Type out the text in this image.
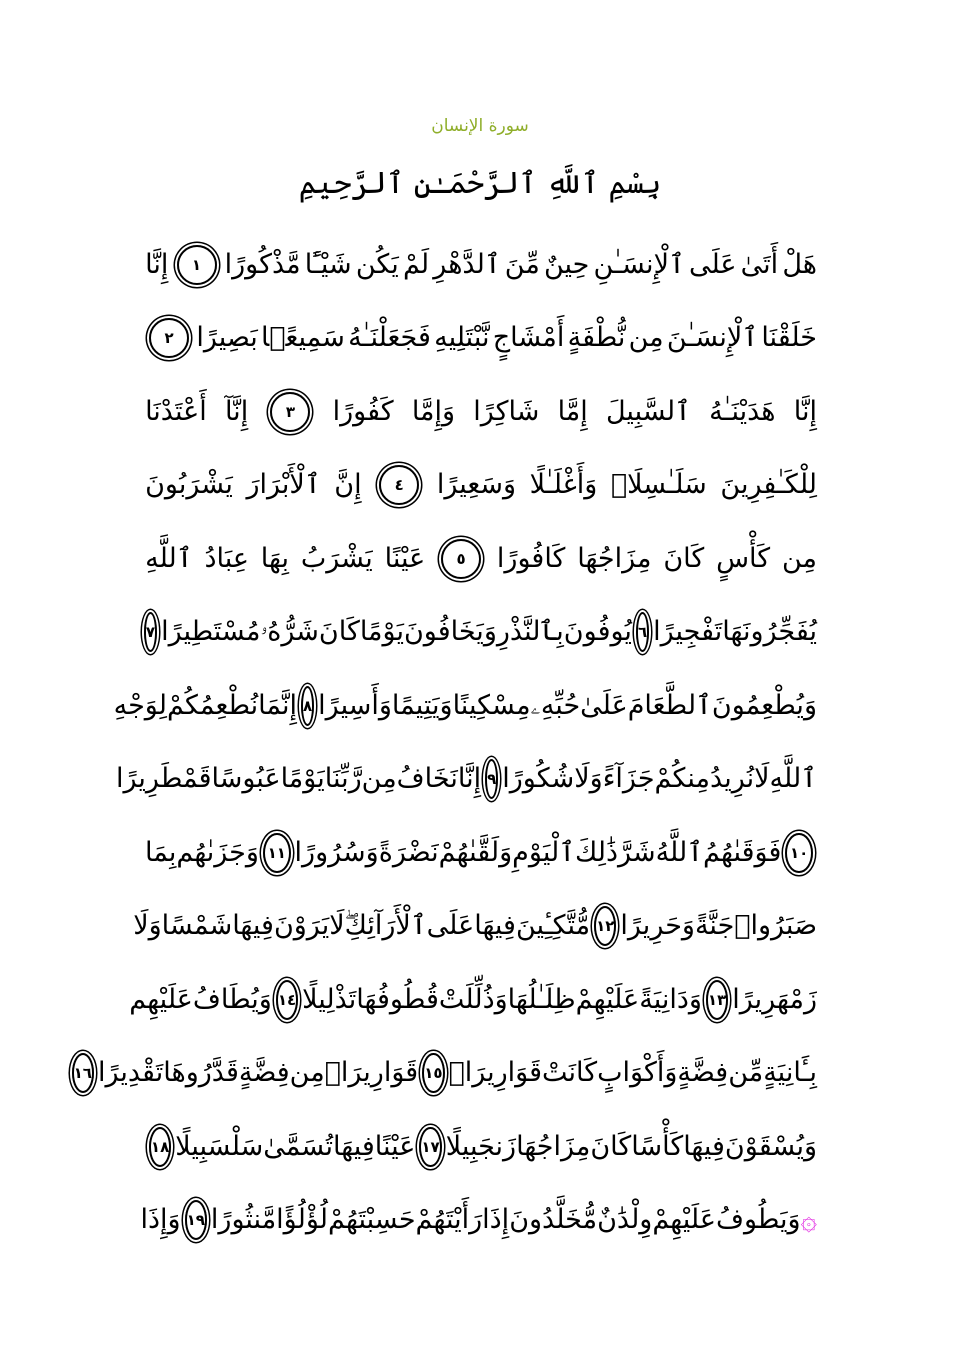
سورة الإنسان
بِسْمِ ٱللَّهِ ٱلرَّحْمَـٰنِ ٱلرَّحِيمِ
هَلْ
أَتَىٰ
عَلَى
ٱلْإِنسَـٰنِ
حِينٌ
مِّنَ
ٱلدَّهْرِ
لَمْ
يَكُن
شَيْـًٔا
مَّذْكُورًا
١
إِنَّا
خَلَقْنَا
ٱلْإِنسَـٰنَ
مِن
نُّطْفَةٍ
أَمْشَاجٍ
نَّبْتَلِيهِ
فَجَعَلْنَـٰهُ
سَمِيعًۢا
بَصِيرًا
٢
إِنَّا
هَدَيْنَـٰهُ
ٱلسَّبِيلَ
إِمَّا
شَاكِرًا
وَإِمَّا
كَفُورًا
٣
إِنَّآ
أَعْتَدْنَا
لِلْكَـٰفِرِينَ
سَلَـٰسِلَا۟
وَأَغْلَـٰلًا
وَسَعِيرًا
٤
إِنَّ
ٱلْأَبْرَارَ
يَشْرَبُونَ
مِن
كَأْسٍ
كَانَ
مِزَاجُهَا
كَافُورًا
٥
عَيْنًا
يَشْرَبُ
بِهَا
عِبَادُ
ٱللَّهِ
يُفَجِّرُونَهَا
تَفْجِيرًا
٦
يُوفُونَ
بِٱلنَّذْرِ
وَيَخَافُونَ
يَوْمًا
كَانَ
شَرُّهُۥ
مُسْتَطِيرًا
٧
وَيُطْعِمُونَ
ٱلطَّعَامَ
عَلَىٰ
حُبِّهِۦ
مِسْكِينًا
وَيَتِيمًا
وَأَسِيرًا
٨
إِنَّمَا
نُطْعِمُكُمْ
لِوَجْهِ
ٱللَّهِ
لَا
نُرِيدُ
مِنكُمْ
جَزَآءً
وَلَا
شُكُورًا
٩
إِنَّا
نَخَافُ
مِن
رَّبِّنَا
يَوْمًا
عَبُوسًا
قَمْطَرِيرًا
١٠
فَوَقَىٰهُمُ
ٱللَّهُ
شَرَّ
ذَٰلِكَ
ٱلْيَوْمِ
وَلَقَّىٰهُمْ
نَضْرَةً
وَسُرُورًا
١١
وَجَزَىٰهُم
بِمَا
صَبَرُوا۟
جَنَّةً
وَحَرِيرًا
١٢
مُّتَّكِـِٔينَ
فِيهَا
عَلَى
ٱلْأَرَآئِكِ
لَا
يَرَوْنَ
فِيهَا
شَمْسًا
وَلَا
زَمْهَرِيرًا
١٣
وَدَانِيَةً
عَلَيْهِمْ
ظِلَـٰلُهَا
وَذُلِّلَتْ
قُطُوفُهَا
تَذْلِيلًا
١٤
وَيُطَافُ
عَلَيْهِم
بِـَٔانِيَةٍ
مِّن
فِضَّةٍ
وَأَكْوَابٍ
كَانَتْ
قَوَارِيرَا۠
١٥
قَوَارِيرَا۟
مِن
فِضَّةٍ
قَدَّرُوهَا
تَقْدِيرًا
١٦
وَيُسْقَوْنَ
فِيهَا
كَأْسًا
كَانَ
مِزَاجُهَا
زَنجَبِيلًا
١٧
عَيْنًا
فِيهَا
تُسَمَّىٰ
سَلْسَبِيلًا
١٨
۞
وَيَطُوفُ
عَلَيْهِمْ
وِلْدَٰنٌ
مُّخَلَّدُونَ
إِذَا
رَأَيْتَهُمْ
حَسِبْتَهُمْ
لُؤْلُؤًا
مَّنثُورًا
١٩
وَإِذَا
